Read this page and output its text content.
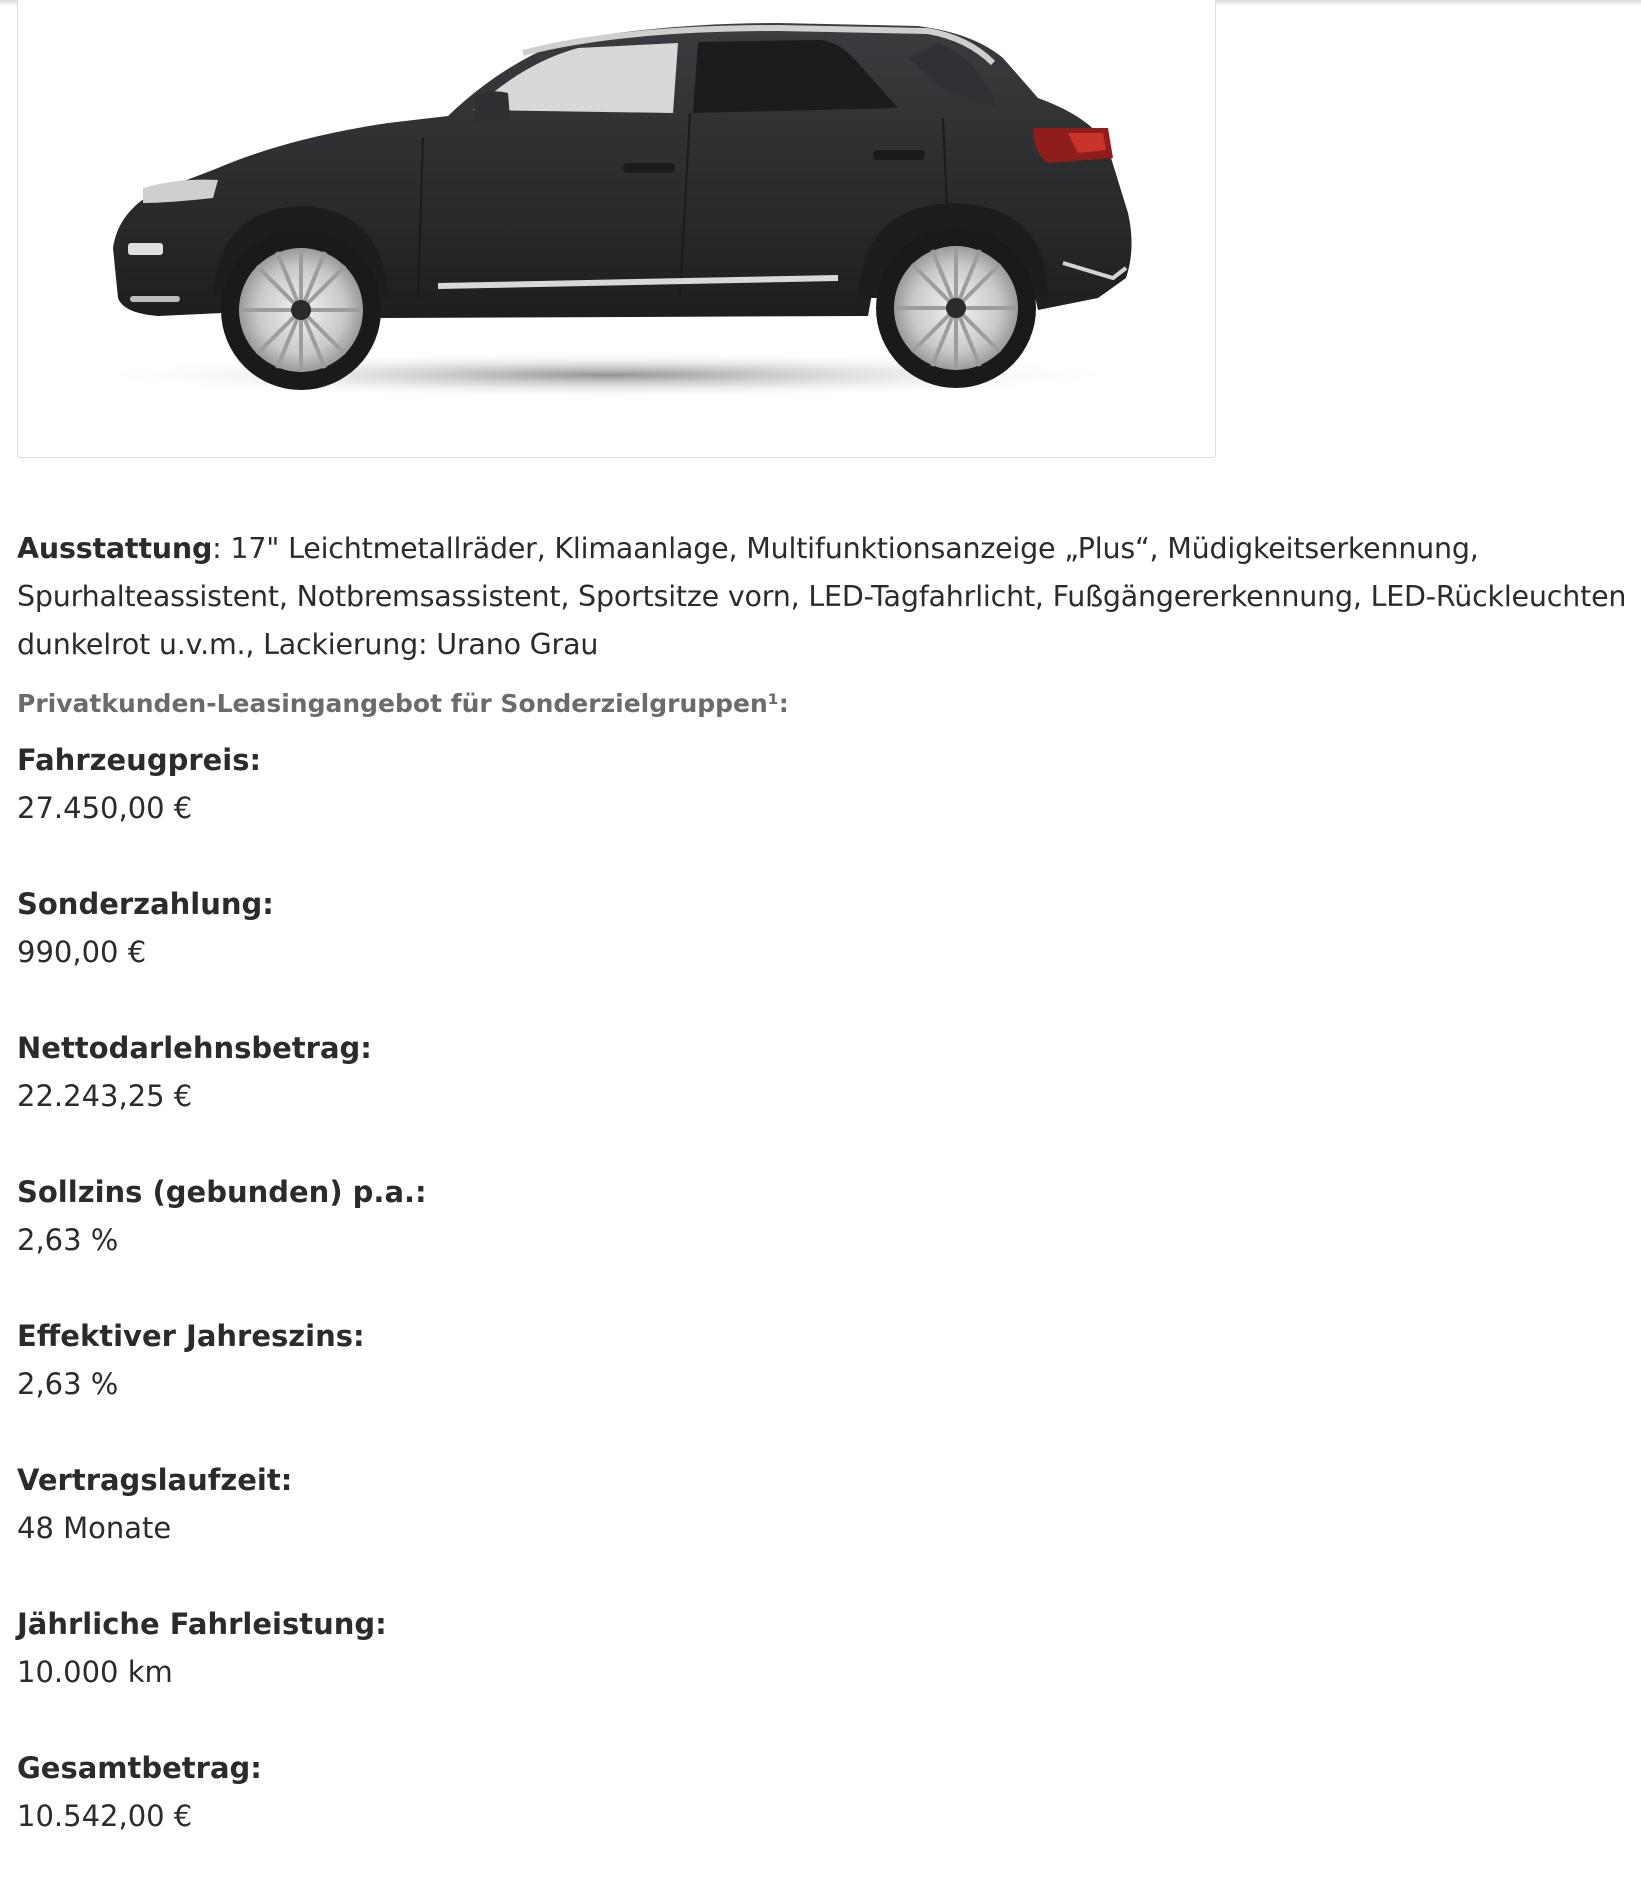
Ausstattung: 17" Leichtmetallräder, Klimaanlage, Multifunktionsanzeige „Plus“, Müdigkeitserkennung, Spurhalteassistent, Notbremsassistent, Sportsitze vorn, LED-Tagfahrlicht, Fußgängererkennung, LED-Rückleuchten dunkelrot u.v.m., Lackierung: Urano Grau

Privatkunden-Leasingangebot für Sonderzielgruppen¹:
Fahrzeugpreis:
27.450,00 €
Sonderzahlung:
990,00 €
Nettodarlehnsbetrag:
22.243,25 €
Sollzins (gebunden) p.a.:
2,63 %
Effektiver Jahreszins:
2,63 %
Vertragslaufzeit:
48 Monate
Jährliche Fahrleistung:
10.000 km
Gesamtbetrag:
10.542,00 €
